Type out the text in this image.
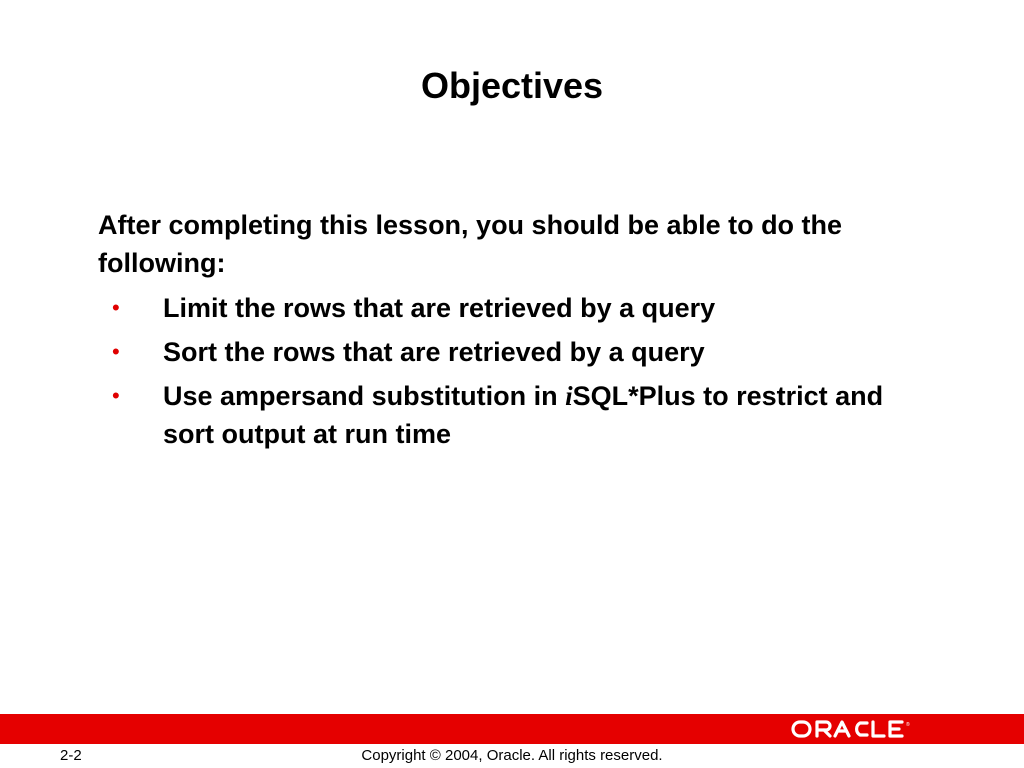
Objectives
After completing this lesson, you should be able to do the following:
• Limit the rows that are retrieved by a query
• Sort the rows that are retrieved by a query
• Use ampersand substitution in iSQL*Plus to restrict and sort output at run time
®
2-2	Copyright © 2004, Oracle. All rights reserved.
